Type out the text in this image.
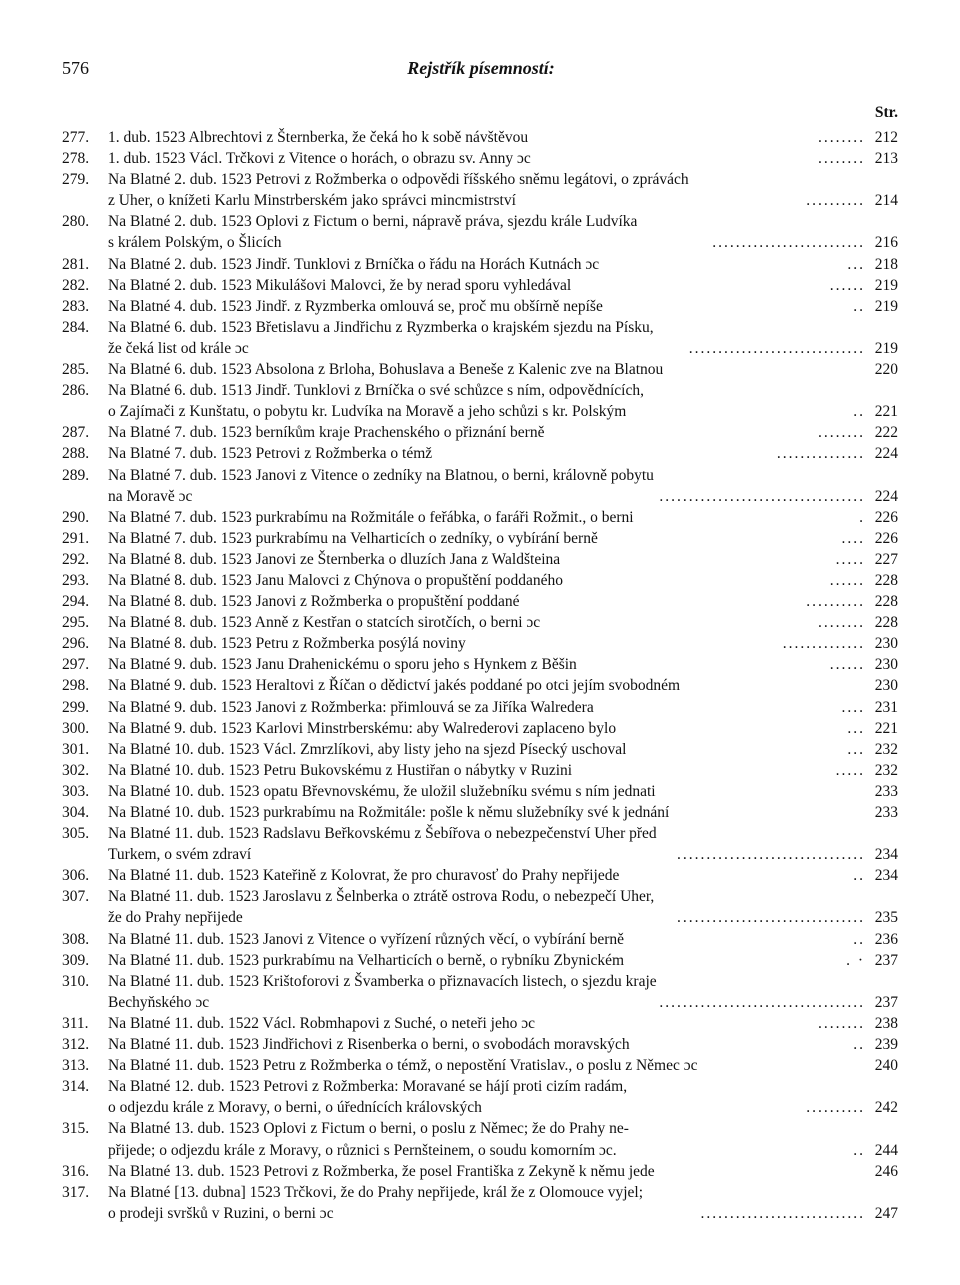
576	Rejstřík písemností:
Str.
277.	1. dub. 1523 Albrechtovi z Šternberka, že čeká ho k sobě návštěvou	........ 212
278.	1. dub. 1523 Václ. Trčkovi z Vitence o horách, o obrazu sv. Anny ɔc	........ 213
279.	Na Blatné 2. dub. 1523 Petrovi z Rožmberka o odpovědi říšského sněmu legátovi, o zprávách
z Uher, o knížeti Karlu Minstrberském jako správci mincmistrství	.......... 214
280.	Na Blatné 2. dub. 1523 Oplovi z Fictum o berni, nápravě práva, sjezdu krále Ludvíka
s králem Polským, o Šlicích	.......................... 216
281.	Na Blatné 2. dub. 1523 Jindř. Tunklovi z Brníčka o řádu na Horách Kutnách ɔc	... 218
282.	Na Blatné 2. dub. 1523 Mikulášovi Malovci, že by nerad sporu vyhledával	...... 219
283.	Na Blatné 4. dub. 1523 Jindř. z Ryzmberka omlouvá se, proč mu obšírně nepíše	.. 219
284.	Na Blatné 6. dub. 1523 Břetislavu a Jindřichu z Ryzmberka o krajském sjezdu na Písku,
že čeká list od krále ɔc	.............................. 219
285.	Na Blatné 6. dub. 1523 Absolona z Brloha, Bohuslava a Beneše z Kalenic zve na Blatnou	220
286.	Na Blatné 6. dub. 1513 Jindř. Tunklovi z Brníčka o své schůzce s ním, odpovědnících,
o Zajímači z Kunštatu, o pobytu kr. Ludvíka na Moravě a jeho schůzi s kr. Polským	.. 221
287.	Na Blatné 7. dub. 1523 berníkům kraje Prachenského o přiznání berně	........ 222
288.	Na Blatné 7. dub. 1523 Petrovi z Rožmberka o témž	............... 224
289.	Na Blatné 7. dub. 1523 Janovi z Vitence o zedníky na Blatnou, o berni, královně pobytu
na Moravě ɔc	................................... 224
290.	Na Blatné 7. dub. 1523 purkrabímu na Rožmitále o feřábka, o faráři Rožmit., o berni	. 226
291.	Na Blatné 7. dub. 1523 purkrabímu na Velharticích o zedníky, o vybírání berně	.... 226
292.	Na Blatné 8. dub. 1523 Janovi ze Šternberka o dluzích Jana z Waldšteina	..... 227
293.	Na Blatné 8. dub. 1523 Janu Malovci z Chýnova o propuštění poddaného	...... 228
294.	Na Blatné 8. dub. 1523 Janovi z Rožmberka o propuštění poddané	.......... 228
295.	Na Blatné 8. dub. 1523 Anně z Kestřan o statcích sirotčích, o berni ɔc	........ 228
296.	Na Blatné 8. dub. 1523 Petru z Rožmberka posýlá noviny	.............. 230
297.	Na Blatné 9. dub. 1523 Janu Drahenickému o sporu jeho s Hynkem z Běšin	...... 230
298.	Na Blatné 9. dub. 1523 Heraltovi z Říčan o dědictví jakés poddané po otci jejím svobodném	230
299.	Na Blatné 9. dub. 1523 Janovi z Rožmberka: přimlouvá se za Jiříka Walredera	.... 231
300.	Na Blatné 9. dub. 1523 Karlovi Minstrberskému: aby Walrederovi zaplaceno bylo	... 221
301.	Na Blatné 10. dub. 1523 Václ. Zmrzlíkovi, aby listy jeho na sjezd Písecký uschoval	... 232
302.	Na Blatné 10. dub. 1523 Petru Bukovskému z Hustiřan o nábytky v Ruzini	..... 232
303.	Na Blatné 10. dub. 1523 opatu Břevnovskému, že uložil služebníku svému s ním jednati	233
304.	Na Blatné 10. dub. 1523 purkrabímu na Rožmitále: pošle k němu služebníky své k jednání	233
305.	Na Blatné 11. dub. 1523 Radslavu Beřkovskému z Šebířova o nebezpečenství Uher před
Turkem, o svém zdraví	................................ 234
306.	Na Blatné 11. dub. 1523 Kateřině z Kolovrat, že pro churavosť do Prahy nepřijede	.. 234
307.	Na Blatné 11. dub. 1523 Jaroslavu z Šelnberka o ztrátě ostrova Rodu, o nebezpečí Uher,
že do Prahy nepřijede	................................ 235
308.	Na Blatné 11. dub. 1523 Janovi z Vitence o vyřízení různých věcí, o vybírání berně	.. 236
309.	Na Blatné 11. dub. 1523 purkrabímu na Velharticích o berně, o rybníku Zbynickém	. · 237
310.	Na Blatné 11. dub. 1523 Krištoforovi z Švamberka o přiznavacích listech, o sjezdu kraje
Bechyňského ɔc	................................... 237
311.	Na Blatné 11. dub. 1522 Václ. Robmhapovi z Suché, o neteři jeho ɔc	........ 238
312.	Na Blatné 11. dub. 1523 Jindřichovi z Risenberka o berni, o svobodách moravských	.. 239
313.	Na Blatné 11. dub. 1523 Petru z Rožmberka o témž, o nepostění Vratislav., o poslu z Němec ɔc	240
314.	Na Blatné 12. dub. 1523 Petrovi z Rožmberka: Moravané se hájí proti cizím radám,
o odjezdu krále z Moravy, o berni, o úřednících královských	.......... 242
315.	Na Blatné 13. dub. 1523 Oplovi z Fictum o berni, o poslu z Němec; že do Prahy ne-
přijede; o odjezdu krále z Moravy, o různici s Pernšteinem, o soudu komorním ɔc.	.. 244
316.	Na Blatné 13. dub. 1523 Petrovi z Rožmberka, že posel Františka z Zekyně k němu jede	246
317.	Na Blatné [13. dubna] 1523 Trčkovi, že do Prahy nepřijede, král že z Olomouce vyjel;
o prodeji svršků v Ruzini, o berni ɔc	............................ 247
